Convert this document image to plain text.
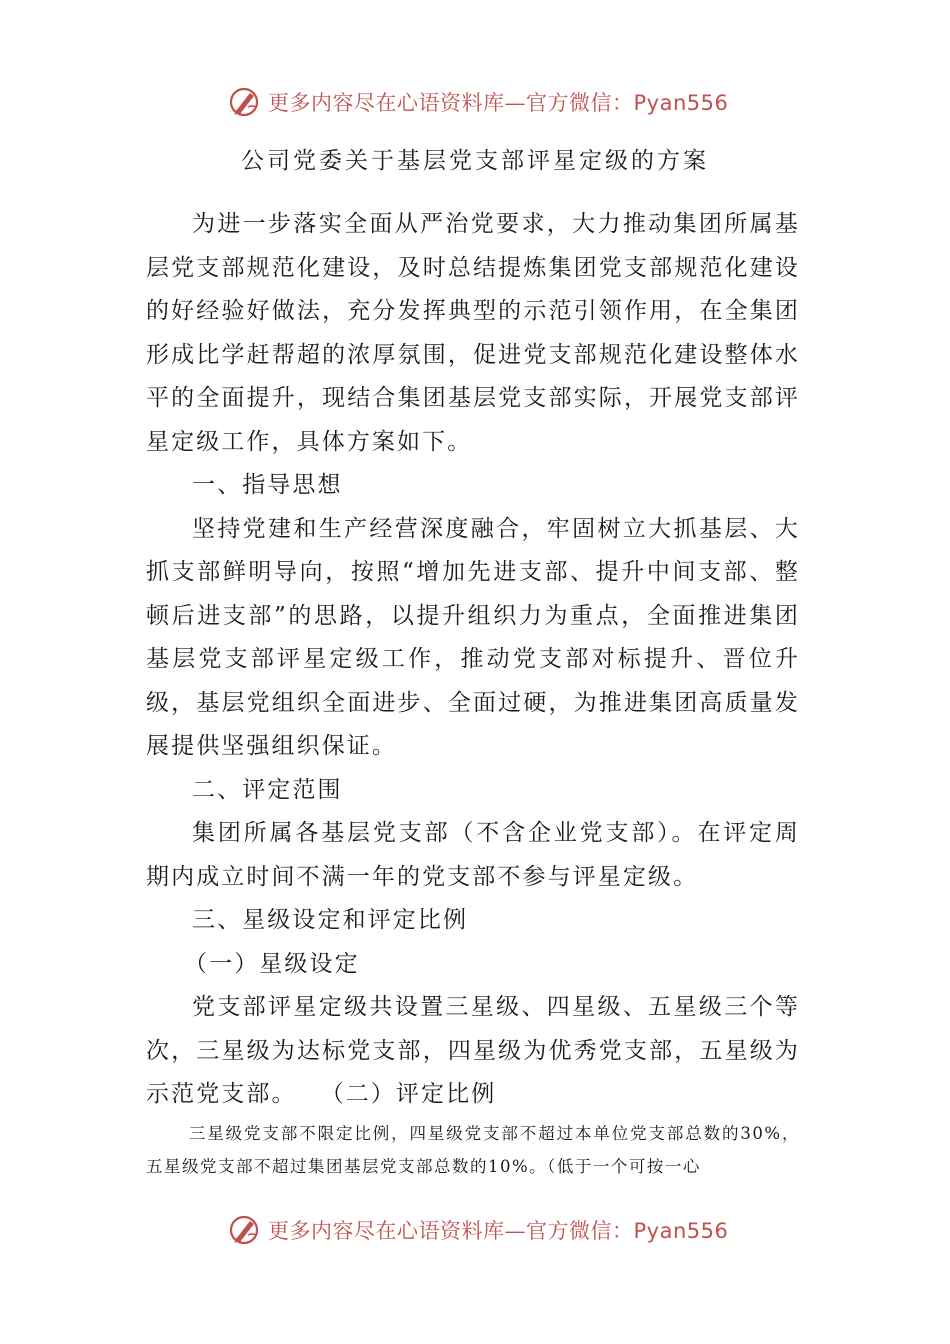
更多内容尽在心语资料库—官方微信：Pyan556
公司党委关于基层党支部评星定级的方案

为进一步落实全面从严治党要求，大力推动集团所属基层党支部规范化建设，及时总结提炼集团党支部规范化建设的好经验好做法，充分发挥典型的示范引领作用，在全集团形成比学赶帮超的浓厚氛围，促进党支部规范化建设整体水平的全面提升，现结合集团基层党支部实际，开展党支部评星定级工作，具体方案如下。

一、指导思想

坚持党建和生产经营深度融合，牢固树立大抓基层、大抓支部鲜明导向，按照“增加先进支部、提升中间支部、整顿后进支部”的思路，以提升组织力为重点，全面推进集团基层党支部评星定级工作，推动党支部对标提升、晋位升级，基层党组织全面进步、全面过硬，为推进集团高质量发展提供坚强组织保证。

二、评定范围

集团所属各基层党支部（不含企业党支部）。在评定周期内成立时间不满一年的党支部不参与评星定级。

三、星级设定和评定比例

（一）星级设定

党支部评星定级共设置三星级、四星级、五星级三个等次，三星级为达标党支部，四星级为优秀党支部，五星级为示范党支部。 （二）评定比例

三星级党支部不限定比例，四星级党支部不超过本单位党支部总数的30%，五星级党支部不超过集团基层党支部总数的10%。（低于一个可按一心

更多内容尽在心语资料库—官方微信：Pyan556
